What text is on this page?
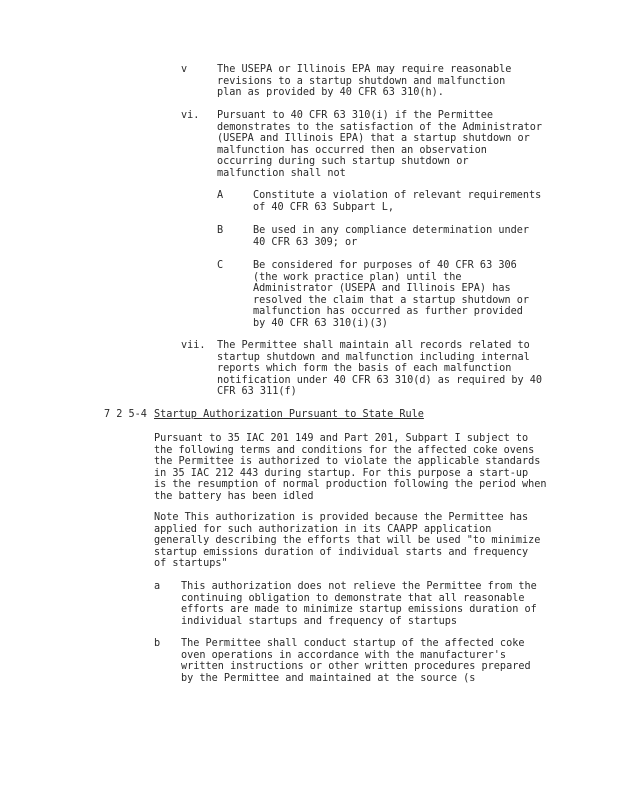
v	The USEPA or Illinois EPA may require reasonable
revisions to a startup shutdown and malfunction
plan as provided by 40 CFR 63 310(h).
vi. Pursuant to 40 CFR 63 310(i) if the Permittee
demonstrates to the satisfaction of the Administrator
(USEPA and Illinois EPA) that a startup shutdown or
malfunction has occurred then an observation
occurring during such startup shutdown or
malfunction shall not
A	Constitute a violation of relevant requirements
of 40 CFR 63 Subpart L,
B	Be used in any compliance determination under
40 CFR 63 309; or
C	Be considered for purposes of 40 CFR 63 306
(the work practice plan) until the
Administrator (USEPA and Illinois EPA) has
resolved the claim that a startup shutdown or
malfunction has occurred as further provided
by 40 CFR 63 310(i)(3)
vii. The Permittee shall maintain all records related to
startup shutdown and malfunction including internal
reports which form the basis of each malfunction
notification under 40 CFR 63 310(d) as required by 40
CFR 63 311(f)
7 2 5-4 Startup Authorization Pursuant to State Rule
Pursuant to 35 IAC 201 149 and Part 201, Subpart I subject to
the following terms and conditions for the affected coke ovens
the Permittee is authorized to violate the applicable standards
in 35 IAC 212 443 during startup. For this purpose a start-up
is the resumption of normal production following the period when
the battery has been idled
Note This authorization is provided because the Permittee has
applied for such authorization in its CAAPP application
generally describing the efforts that will be used "to minimize
startup emissions duration of individual starts and frequency
of startups"
a This authorization does not relieve the Permittee from the
continuing obligation to demonstrate that all reasonable
efforts are made to minimize startup emissions duration of
individual startups and frequency of startups
b The Permittee shall conduct startup of the affected coke
oven operations in accordance with the manufacturer's
written instructions or other written procedures prepared
by the Permittee and maintained at the source (s
